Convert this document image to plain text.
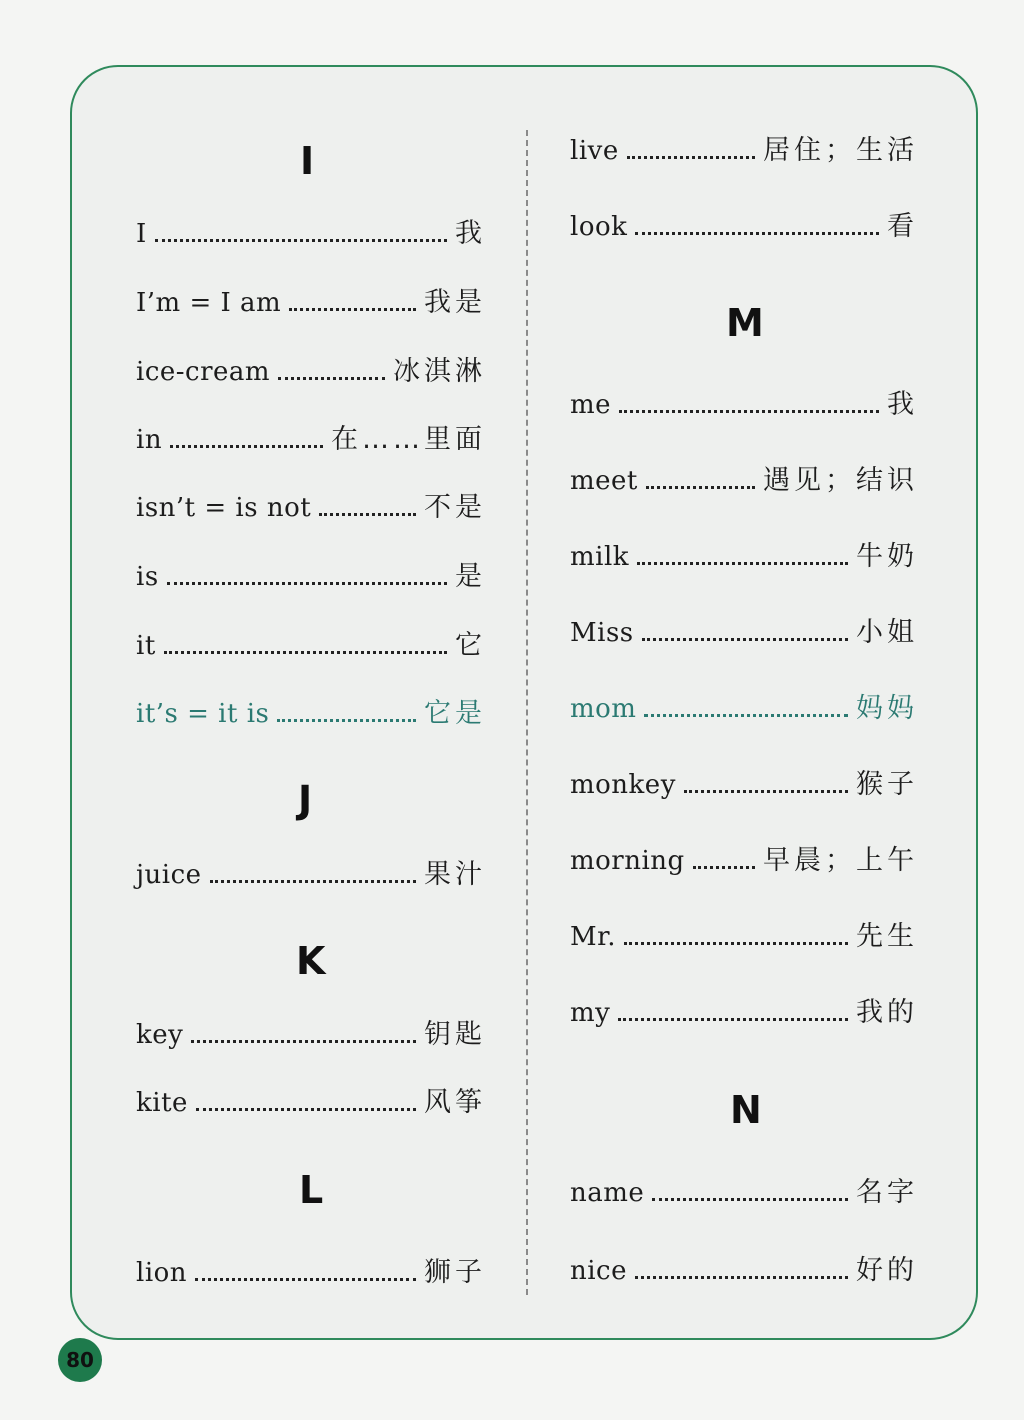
I
I	我
I’m = I am	我是
ice-cream	冰淇淋
in	在……里面
isn’t = is not	不是
is	是
it	它
it’s = it is	它是
J
juice	果汁
K
key	钥匙
kite	风筝
L
lion	狮子
live	居住；生活
look	看
M
me	我
meet	遇见；结识
milk	牛奶
Miss	小姐
mom	妈妈
monkey	猴子
morning	早晨；上午
Mr.	先生
my	我的
N
name	名字
nice	好的
80
